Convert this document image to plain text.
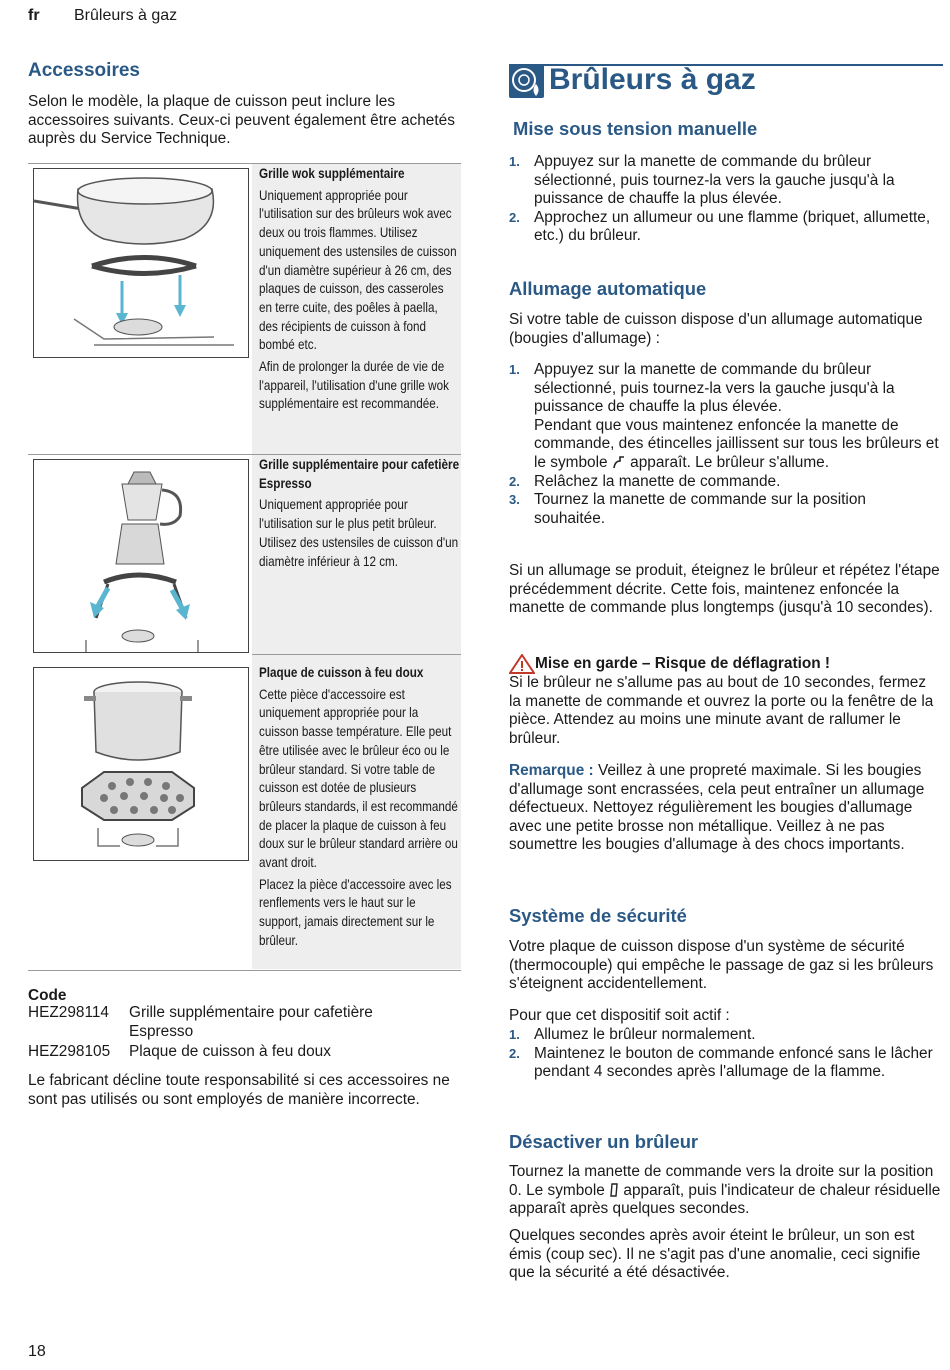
fr Brûleurs à gaz
Accessoires
Selon le modèle, la plaque de cuisson peut inclure les accessoires suivants. Ceux-ci peuvent également être achetés auprès du Service Technique.

Grille wok supplémentaire

Uniquement appropriée pour l'utilisation sur des brûleurs wok avec deux ou trois flammes. Utilisez uniquement des ustensiles de cuisson d'un diamètre supérieur à 26 cm, des plaques de cuisson, des casseroles en terre cuite, des poêles à paella, des récipients de cuisson à fond bombé etc.

Afin de prolonger la durée de vie de l'appareil, l'utilisation d'une grille wok supplémentaire est recommandée.

Grille supplémentaire pour cafetière Espresso

Uniquement appropriée pour l'utilisation sur le plus petit brûleur. Utilisez des ustensiles de cuisson d'un diamètre inférieur à 12 cm.

Plaque de cuisson à feu doux

Cette pièce d'accessoire est uniquement appropriée pour la cuisson basse température. Elle peut être utilisée avec le brûleur éco ou le brûleur standard. Si votre table de cuisson est dotée de plusieurs brûleurs standards, il est recommandé de placer la plaque de cuisson à feu doux sur le brûleur standard arrière ou avant droit.

Placez la pièce d'accessoire avec les renflements vers le haut sur le support, jamais directement sur le brûleur.

Code
HEZ298114	Grille supplémentaire pour cafetière Espresso
HEZ298105	Plaque de cuisson à feu doux
Le fabricant décline toute responsabilité si ces accessoires ne sont pas utilisés ou sont employés de manière incorrecte.
Brûleurs à gaz
Mise sous tension manuelle
1. Appuyez sur la manette de commande du brûleur sélectionné, puis tournez-la vers la gauche jusqu'à la puissance de chauffe la plus élevée.
2. Approchez un allumeur ou une flamme (briquet, allumette, etc.) du brûleur.
Allumage automatique
Si votre table de cuisson dispose d'un allumage automatique (bougies d'allumage) :
1. Appuyez sur la manette de commande du brûleur sélectionné, puis tournez-la vers la gauche jusqu'à la puissance de chauffe la plus élevée.
Pendant que vous maintenez enfoncée la manette de commande, des étincelles jaillissent sur tous les brûleurs et le symbole apparaît. Le brûleur s'allume.
2. Relâchez la manette de commande.
3. Tournez la manette de commande sur la position souhaitée.
Si un allumage se produit, éteignez le brûleur et répétez l'étape précédemment décrite. Cette fois, maintenez enfoncée la manette de commande plus longtemps (jusqu'à 10 secondes).
Mise en garde – Risque de déflagration !
Si le brûleur ne s'allume pas au bout de 10 secondes, fermez la manette de commande et ouvrez la porte ou la fenêtre de la pièce. Attendez au moins une minute avant de rallumer le brûleur.
Remarque : Veillez à une propreté maximale. Si les bougies d'allumage sont encrassées, cela peut entraîner un allumage défectueux. Nettoyez régulièrement les bougies d'allumage avec une petite brosse non métallique. Veillez à ne pas soumettre les bougies d'allumage à des chocs importants.
Système de sécurité
Votre plaque de cuisson dispose d'un système de sécurité (thermocouple) qui empêche le passage de gaz si les brûleurs s'éteignent accidentellement.
Pour que cet dispositif soit actif :
1. Allumez le brûleur normalement.
2. Maintenez le bouton de commande enfoncé sans le lâcher pendant 4 secondes après l'allumage de la flamme.
Désactiver un brûleur
Tournez la manette de commande vers la droite sur la position 0. Le symbole apparaît, puis l'indicateur de chaleur résiduelle apparaît après quelques secondes.
Quelques secondes après avoir éteint le brûleur, un son est émis (coup sec). Il ne s'agit pas d'une anomalie, ceci signifie que la sécurité a été désactivée.
18
